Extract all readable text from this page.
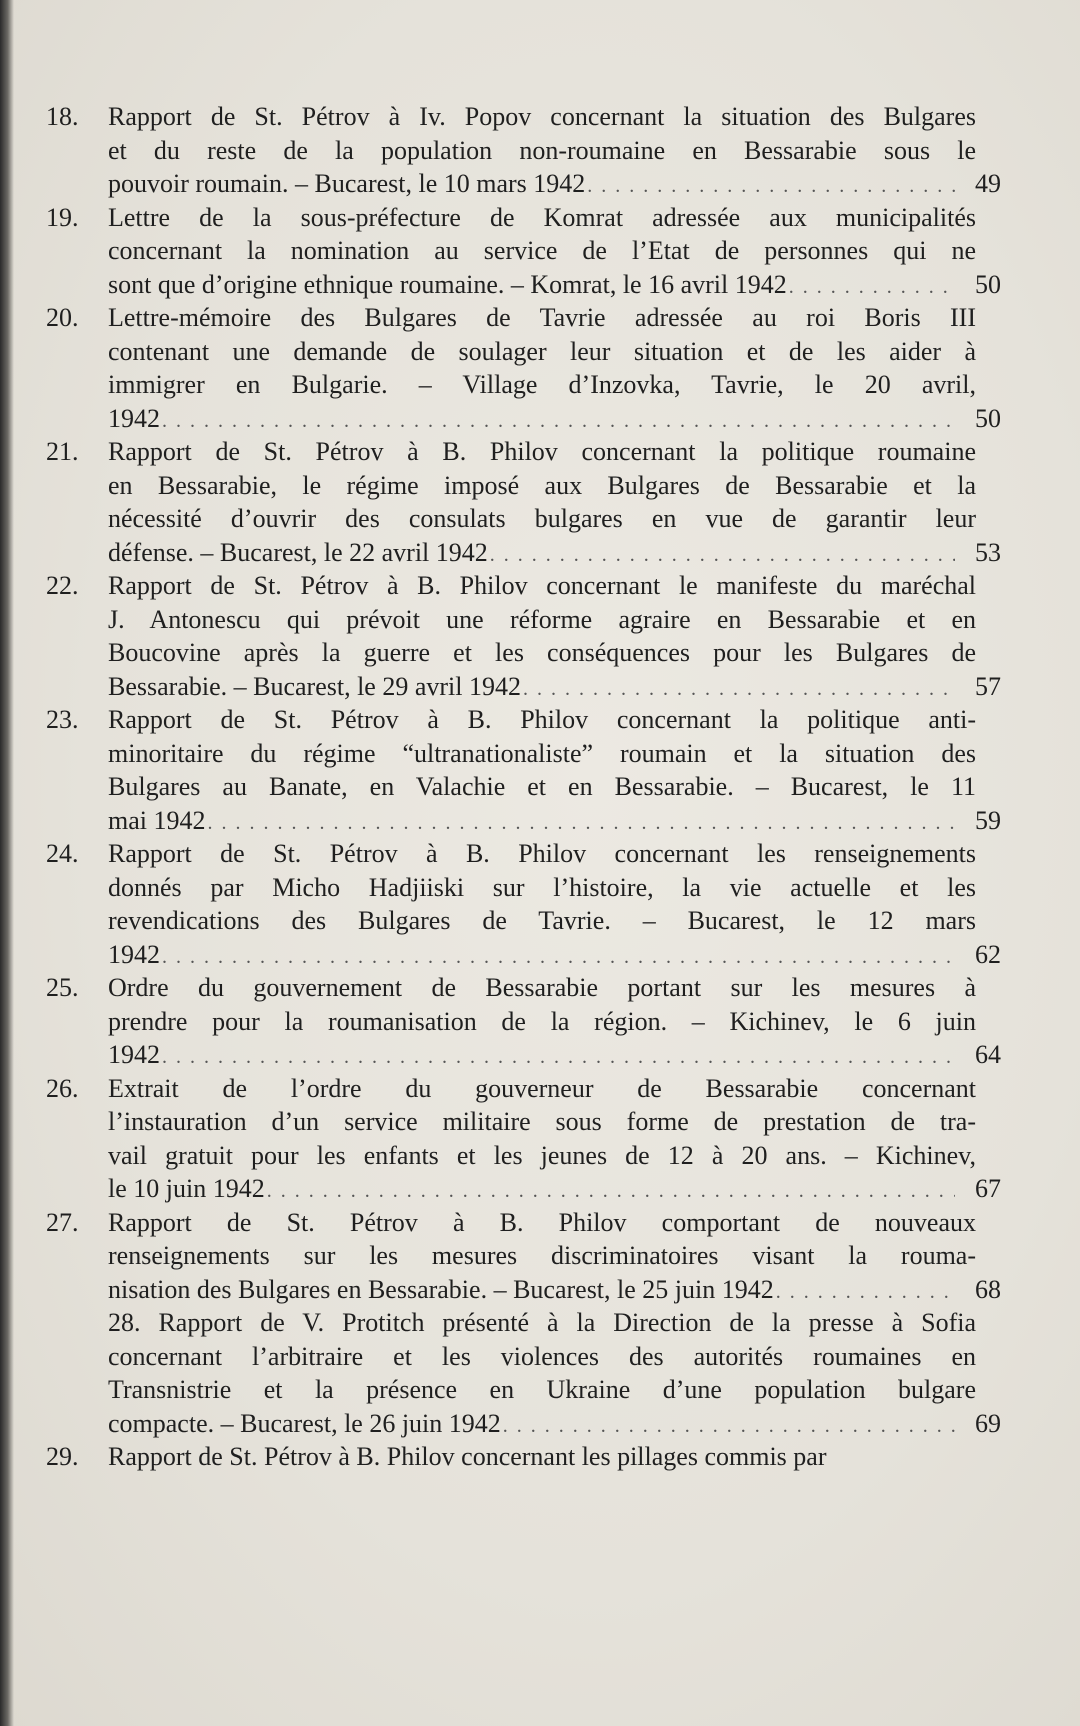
18.	Rapport de St. Pétrov à Iv. Popov concernant la situation des Bulgares
et du reste de la population non-roumaine en Bessarabie sous le
pouvoir roumain. – Bucarest, le 10 mars 1942 . . .	49
19.	Lettre de la sous-préfecture de Komrat adressée aux municipalités
concernant la nomination au service de l’Etat de personnes qui ne
sont que d’origine ethnique roumaine. – Komrat, le 16 avril 1942 . . .	50
20.	Lettre-mémoire des Bulgares de Tavrie adressée au roi Boris III
contenant une demande de soulager leur situation et de les aider à
immigrer en Bulgarie. – Village d’Inzovka, Tavrie, le 20 avril,
1942 . . .	50
21.	Rapport de St. Pétrov à B. Philov concernant la politique roumaine
en Bessarabie, le régime imposé aux Bulgares de Bessarabie et la
nécessité d’ouvrir des consulats bulgares en vue de garantir leur
défense. – Bucarest, le 22 avril 1942 . . .	53
22.	Rapport de St. Pétrov à B. Philov concernant le manifeste du maréchal
J. Antonescu qui prévoit une réforme agraire en Bessarabie et en
Boucovine après la guerre et les conséquences pour les Bulgares de
Bessarabie. – Bucarest, le 29 avril 1942 . . .	57
23.	Rapport de St. Pétrov à B. Philov concernant la politique anti-
minoritaire du régime “ultranationaliste” roumain et la situation des
Bulgares au Banate, en Valachie et en Bessarabie. – Bucarest, le 11
mai 1942 . . .	59
24.	Rapport de St. Pétrov à B. Philov concernant les renseignements
donnés par Micho Hadjiiski sur l’histoire, la vie actuelle et les
revendications des Bulgares de Tavrie. – Bucarest, le 12 mars
1942 . . .	62
25.	Ordre du gouvernement de Bessarabie portant sur les mesures à
prendre pour la roumanisation de la région. – Kichinev, le 6 juin
1942 . . .	64
26.	Extrait de l’ordre du gouverneur de Bessarabie concernant
l’instauration d’un service militaire sous forme de prestation de tra-
vail gratuit pour les enfants et les jeunes de 12 à 20 ans. – Kichinev,
le 10 juin 1942 . . .	67
27.	Rapport de St. Pétrov à B. Philov comportant de nouveaux
renseignements sur les mesures discriminatoires visant la rouma-
nisation des Bulgares en Bessarabie. – Bucarest, le 25 juin 1942 . . .	68
28. Rapport de V. Protitch présenté à la Direction de la presse à Sofia
concernant l’arbitraire et les violences des autorités roumaines en
Transnistrie et la présence en Ukraine d’une population bulgare
compacte. – Bucarest, le 26 juin 1942 . . .	69
29.	Rapport de St. Pétrov à B. Philov concernant les pillages commis par
